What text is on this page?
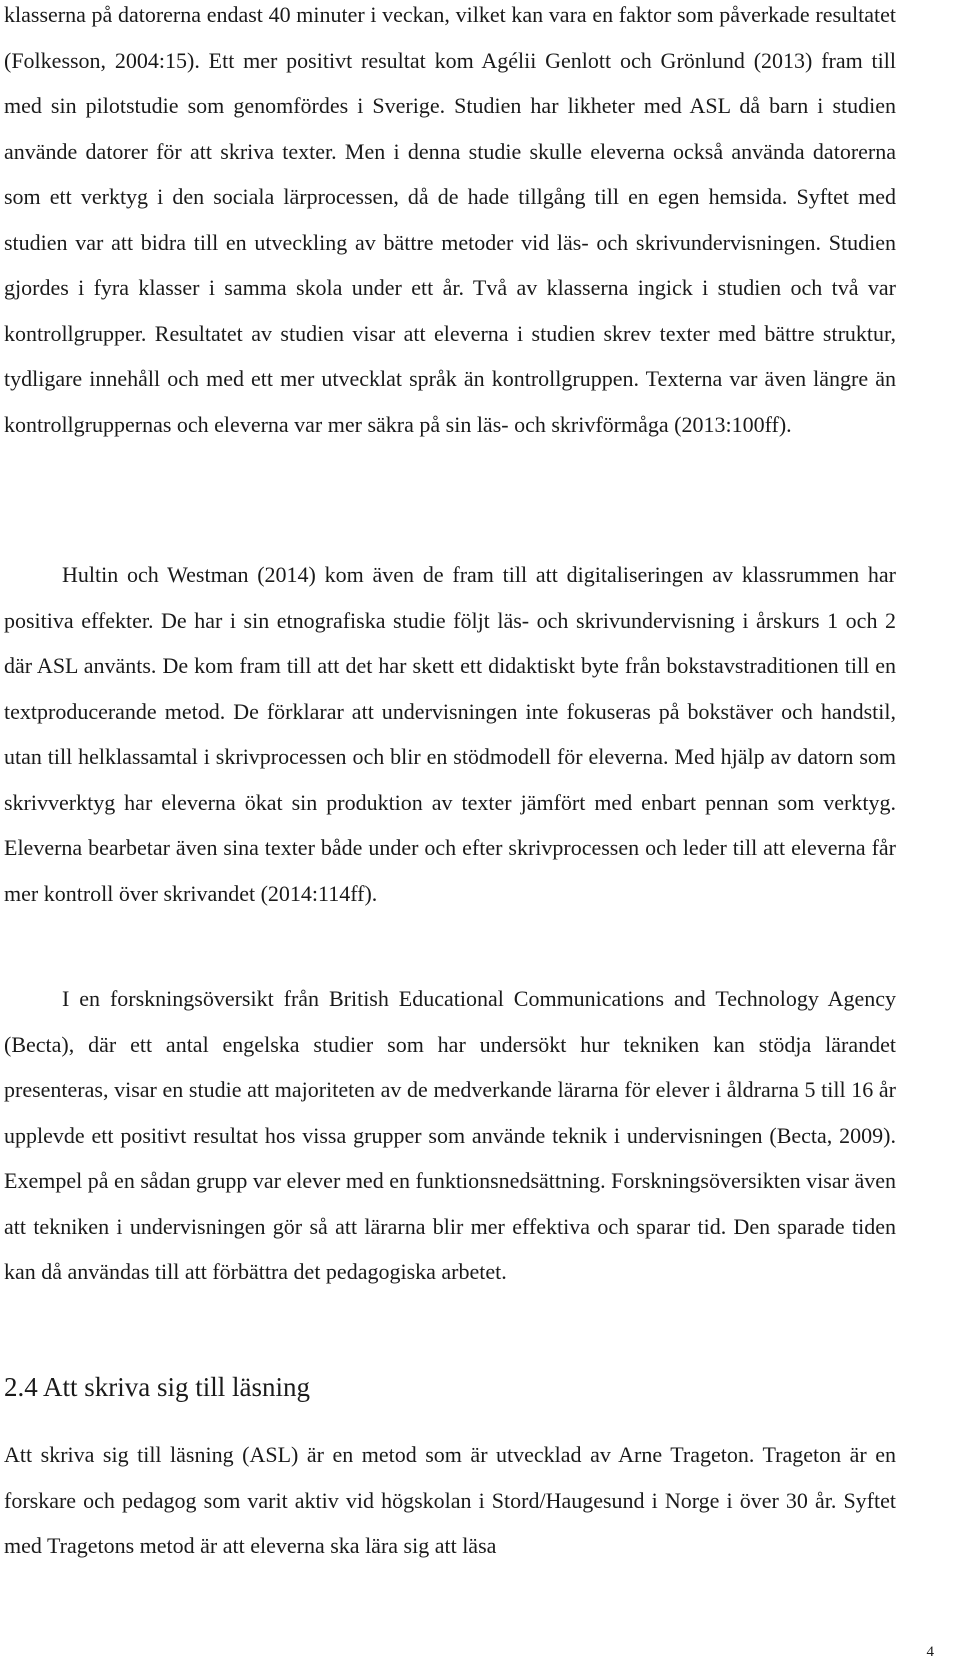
klasserna på datorerna endast 40 minuter i veckan, vilket kan vara en faktor som påverkade resultatet (Folkesson, 2004:15). Ett mer positivt resultat kom Agélii Genlott och Grönlund (2013) fram till med sin pilotstudie som genomfördes i Sverige. Studien har likheter med ASL då barn i studien använde datorer för att skriva texter. Men i denna studie skulle eleverna också använda datorerna som ett verktyg i den sociala lärprocessen, då de hade tillgång till en egen hemsida. Syftet med studien var att bidra till en utveckling av bättre metoder vid läs- och skrivundervisningen. Studien gjordes i fyra klasser i samma skola under ett år. Två av klasserna ingick i studien och två var kontrollgrupper. Resultatet av studien visar att eleverna i studien skrev texter med bättre struktur, tydligare innehåll och med ett mer utvecklat språk än kontrollgruppen. Texterna var även längre än kontrollgruppernas och eleverna var mer säkra på sin läs- och skrivförmåga (2013:100ff).

Hultin och Westman (2014) kom även de fram till att digitaliseringen av klassrummen har positiva effekter. De har i sin etnografiska studie följt läs- och skrivundervisning i årskurs 1 och 2 där ASL använts. De kom fram till att det har skett ett didaktiskt byte från bokstavstraditionen till en textproducerande metod. De förklarar att undervisningen inte fokuseras på bokstäver och handstil, utan till helklassamtal i skrivprocessen och blir en stödmodell för eleverna. Med hjälp av datorn som skrivverktyg har eleverna ökat sin produktion av texter jämfört med enbart pennan som verktyg. Eleverna bearbetar även sina texter både under och efter skrivprocessen och leder till att eleverna får mer kontroll över skrivandet (2014:114ff).

I en forskningsöversikt från British Educational Communications and Technology Agency (Becta), där ett antal engelska studier som har undersökt hur tekniken kan stödja lärandet presenteras, visar en studie att majoriteten av de medverkande lärarna för elever i åldrarna 5 till 16 år upplevde ett positivt resultat hos vissa grupper som använde teknik i undervisningen (Becta, 2009). Exempel på en sådan grupp var elever med en funktionsnedsättning. Forskningsöversikten visar även att tekniken i undervisningen gör så att lärarna blir mer effektiva och sparar tid. Den sparade tiden kan då användas till att förbättra det pedagogiska arbetet.

2.4 Att skriva sig till läsning

Att skriva sig till läsning (ASL) är en metod som är utvecklad av Arne Trageton. Trageton är en forskare och pedagog som varit aktiv vid högskolan i Stord/Haugesund i Norge i över 30 år. Syftet med Tragetons metod är att eleverna ska lära sig att läsa

4
